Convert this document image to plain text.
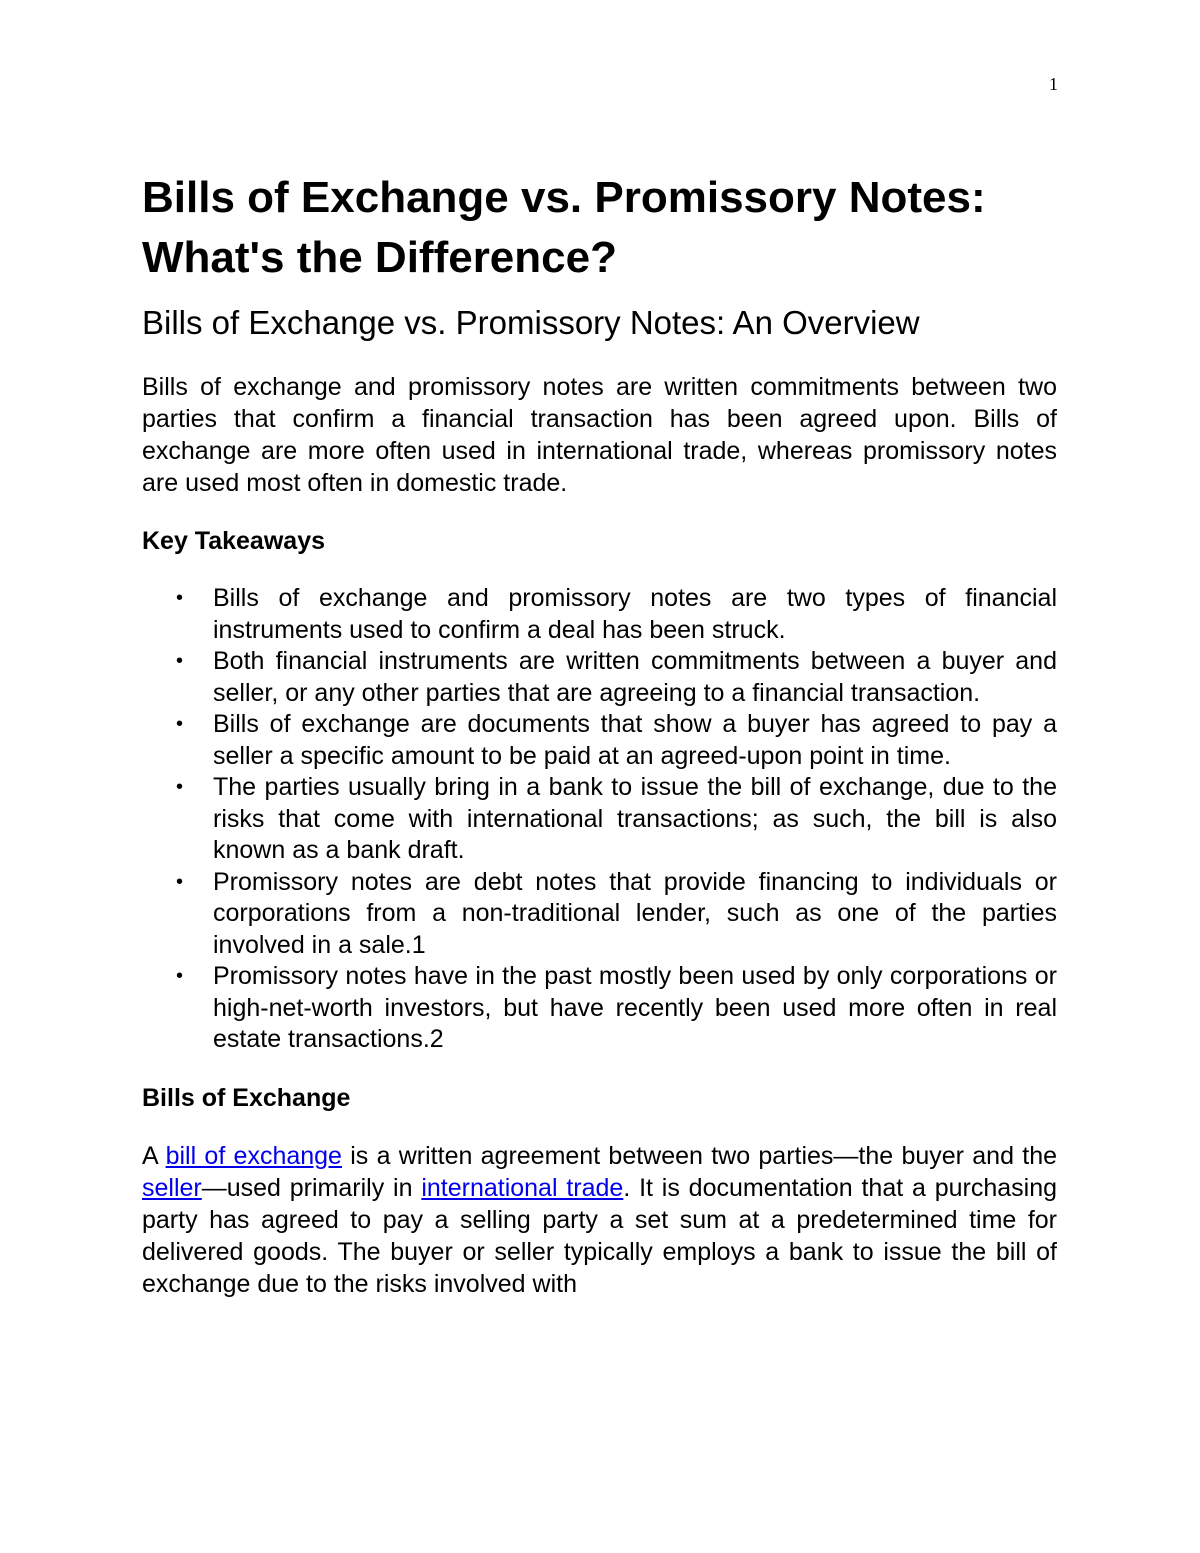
1
Bills of Exchange vs. Promissory Notes: What's the Difference?
Bills of Exchange vs. Promissory Notes: An Overview

Bills of exchange and promissory notes are written commitments between two parties that confirm a financial transaction has been agreed upon. Bills of exchange are more often used in international trade, whereas promissory notes are used most often in domestic trade.

Key Takeaways
• Bills of exchange and promissory notes are two types of financial instruments used to confirm a deal has been struck.
• Both financial instruments are written commitments between a buyer and seller, or any other parties that are agreeing to a financial transaction.
• Bills of exchange are documents that show a buyer has agreed to pay a seller a specific amount to be paid at an agreed-upon point in time.
• The parties usually bring in a bank to issue the bill of exchange, due to the risks that come with international transactions; as such, the bill is also known as a bank draft.
• Promissory notes are debt notes that provide financing to individuals or corporations from a non-traditional lender, such as one of the parties involved in a sale.1
• Promissory notes have in the past mostly been used by only corporations or high-net-worth investors, but have recently been used more often in real estate transactions.2
Bills of Exchange

A bill of exchange is a written agreement between two parties—the buyer and the seller—used primarily in international trade. It is documentation that a purchasing party has agreed to pay a selling party a set sum at a predetermined time for delivered goods. The buyer or seller typically employs a bank to issue the bill of exchange due to the risks involved with
